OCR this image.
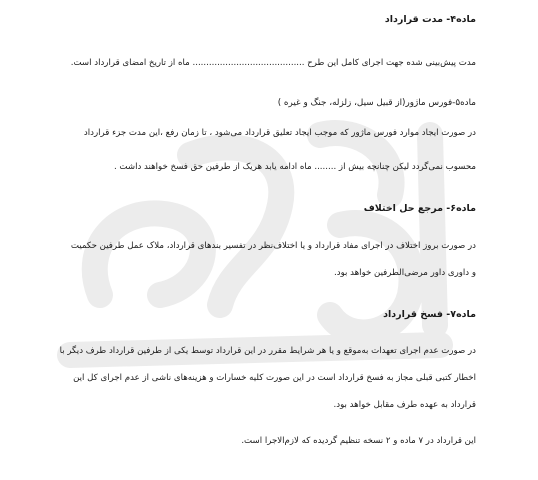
ماده۴- مدت قرارداد
مدت پیش‌بینی شده جهت اجرای کامل این طرح ......................................... ماه از تاریخ امضای قرارداد است.
ماده۵-فورس ماژور(از قبیل سیل، زلزله، جنگ و غیره )
در صورت ایجاد موارد فورس ماژور که موجب ایجاد تعلیق قرارداد می‌شود ، تا زمان رفع ،این مدت جزء قرارداد
محسوب نمی‌گردد لیکن چنانچه بیش از ........ ماه ادامه یابد هریک از طرفین حق فسخ خواهند داشت .
ماده۶- مرجع حل اختلاف
در صورت بروز اختلاف در اجرای مفاد قرارداد و یا اختلاف‌نظر در تفسیر بندهای قرارداد، ملاک عمل طرفین حکمیت
و داوری داور مرضی‌الطرفین خواهد بود.
ماده۷- فسخ قرارداد
در صورت عدم اجرای تعهدات به‌موقع و یا هر شرایط مقرر در این قرارداد توسط یکی از طرفین قرارداد طرف دیگر با
اخطار کتبی قبلی مجاز به فسخ قرارداد است در این صورت کلیه خسارات و هزینه‌های ناشی از عدم اجرای کل این
قرارداد به عهده طرف مقابل خواهد بود.
این قرارداد در ۷ ماده و ۲ نسخه تنظیم گردیده که لازم‌الاجرا است.
